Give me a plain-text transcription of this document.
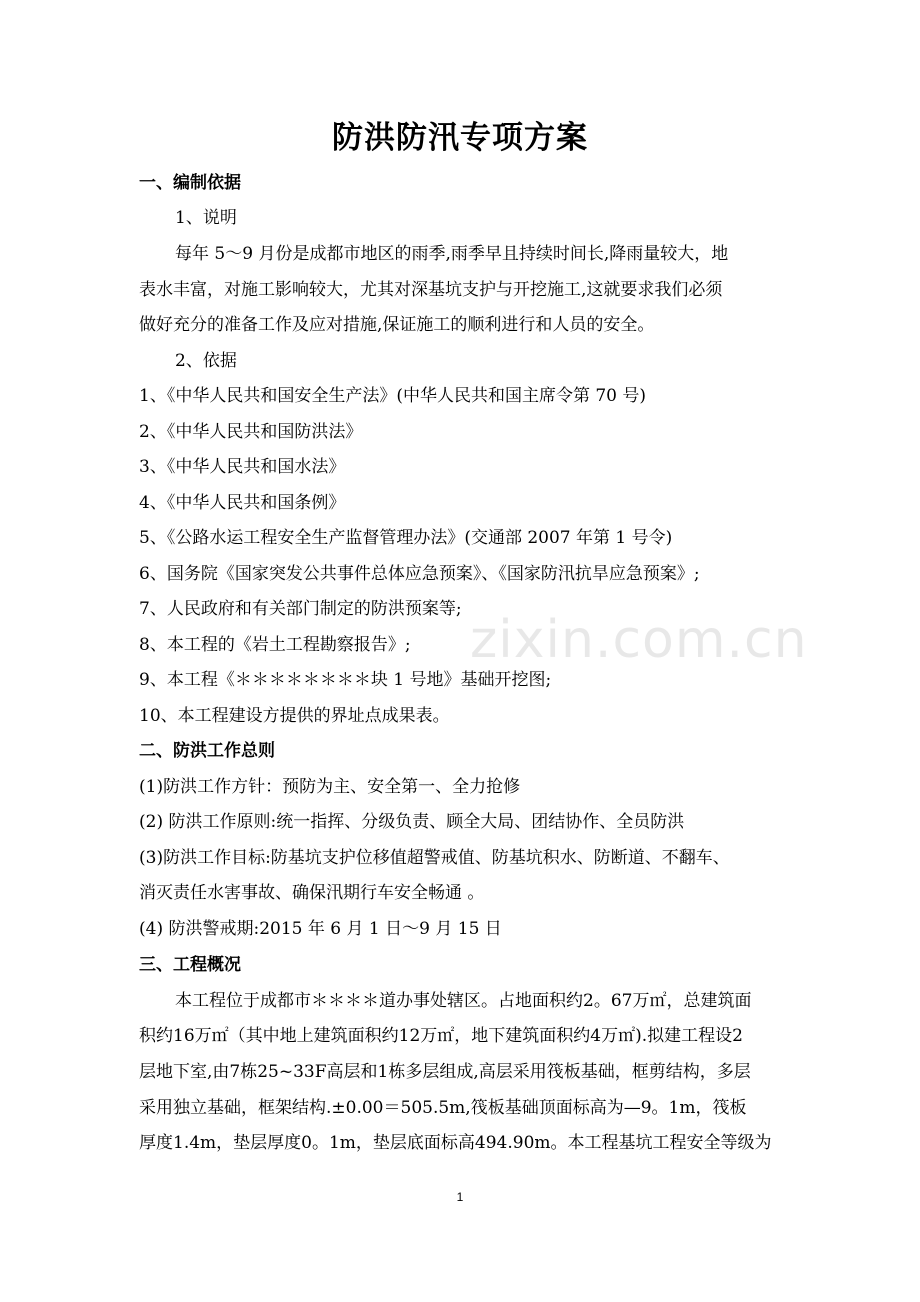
防洪防汛专项方案
一、编制依据
1、说明
每年 5～9 月份是成都市地区的雨季,雨季早且持续时间长,降雨量较大，地
表水丰富，对施工影响较大，尤其对深基坑支护与开挖施工,这就要求我们必须
做好充分的准备工作及应对措施,保证施工的顺利进行和人员的安全。
2、依据
1、《中华人民共和国安全生产法》(中华人民共和国主席令第 70 号)
2、《中华人民共和国防洪法》
3、《中华人民共和国水法》
4、《中华人民共和国条例》
5、《公路水运工程安全生产监督管理办法》(交通部 2007 年第 1 号令)
6、国务院《国家突发公共事件总体应急预案》、《国家防汛抗旱应急预案》;
7、人民政府和有关部门制定的防洪预案等;
8、本工程的《岩土工程勘察报告》;
9、本工程《＊＊＊＊＊＊＊＊块 1 号地》基础开挖图;
10、本工程建设方提供的界址点成果表。
二、防洪工作总则
(1)防洪工作方针：预防为主、安全第一、全力抢修
(2) 防洪工作原则:统一指挥、分级负责、顾全大局、团结协作、全员防洪
(3)防洪工作目标:防基坑支护位移值超警戒值、防基坑积水、防断道、不翻车、
消灭责任水害事故、确保汛期行车安全畅通 。
(4) 防洪警戒期:2015 年 6 月 1 日～9 月 15 日
三、工程概况
本工程位于成都市＊＊＊＊道办事处辖区。占地面积约2。67万㎡，总建筑面
积约16万㎡（其中地上建筑面积约12万㎡，地下建筑面积约4万㎡).拟建工程设2
层地下室,由7栋25~33F高层和1栋多层组成,高层采用筏板基础，框剪结构，多层
采用独立基础，框架结构.±0.00＝505.5m,筏板基础顶面标高为—9。1m，筏板
厚度1.4m，垫层厚度0。1m，垫层底面标高494.90m。本工程基坑工程安全等级为
zixin.com.cn
1
